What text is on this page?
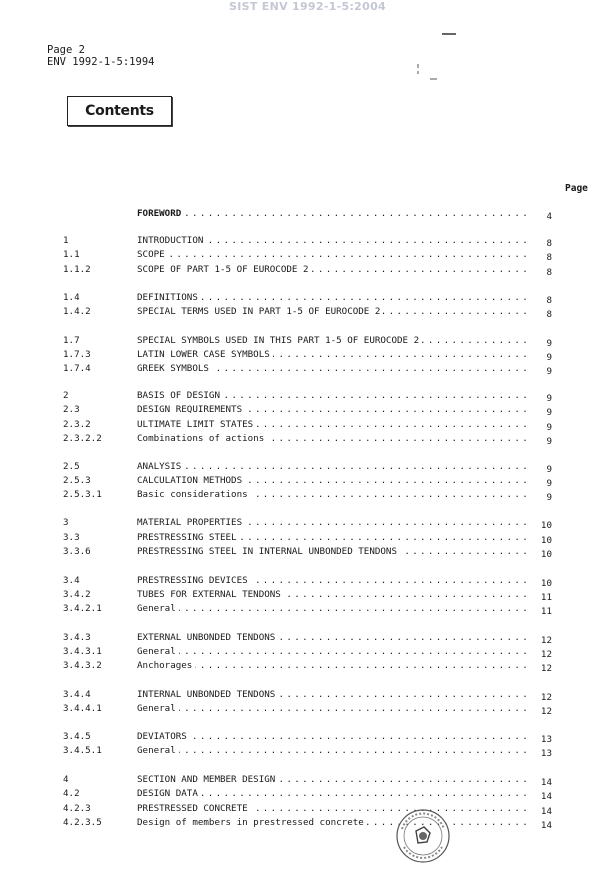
SIST ENV 1992-1-5:2004
Page 2
ENV 1992-1-5:1994
Contents
Page
FOREWORD . . .	4
1	INTRODUCTION . . .	8
1.1	SCOPE . . .	8
1.1.2	SCOPE OF PART 1-5 OF EUROCODE 2 . . .	8
1.4	DEFINITIONS . . .	8
1.4.2	SPECIAL TERMS USED IN PART 1-5 OF EUROCODE 2 . . .	8
1.7	SPECIAL SYMBOLS USED IN THIS PART 1-5 OF EUROCODE 2 . . .	9
1.7.3	LATIN LOWER CASE SYMBOLS . . .	9
1.7.4	GREEK SYMBOLS . . .	9
2	BASIS OF DESIGN . . .	9
2.3	DESIGN REQUIREMENTS . . .	9
2.3.2	ULTIMATE LIMIT STATES . . .	9
2.3.2.2	Combinations of actions . . .	9
2.5	ANALYSIS . . .	9
2.5.3	CALCULATION METHODS . . .	9
2.5.3.1	Basic considerations . . .	9
3	MATERIAL PROPERTIES . . .	10
3.3	PRESTRESSING STEEL . . .	10
3.3.6	PRESTRESSING STEEL IN INTERNAL UNBONDED TENDONS . . .	10
3.4	PRESTRESSING DEVICES . . .	10
3.4.2	TUBES FOR EXTERNAL TENDONS . . .	11
3.4.2.1	General . . .	11
3.4.3	EXTERNAL UNBONDED TENDONS . . .	12
3.4.3.1	General . . .	12
3.4.3.2	Anchorages . . .	12
3.4.4	INTERNAL UNBONDED TENDONS . . .	12
3.4.4.1	General . . .	12
3.4.5	DEVIATORS . . .	13
3.4.5.1	General . . .	13
4	SECTION AND MEMBER DESIGN . . .	14
4.2	DESIGN DATA . . .	14
4.2.3	PRESTRESSED CONCRETE . . .	14
4.2.3.5	Design of members in prestressed concrete . . .	14
